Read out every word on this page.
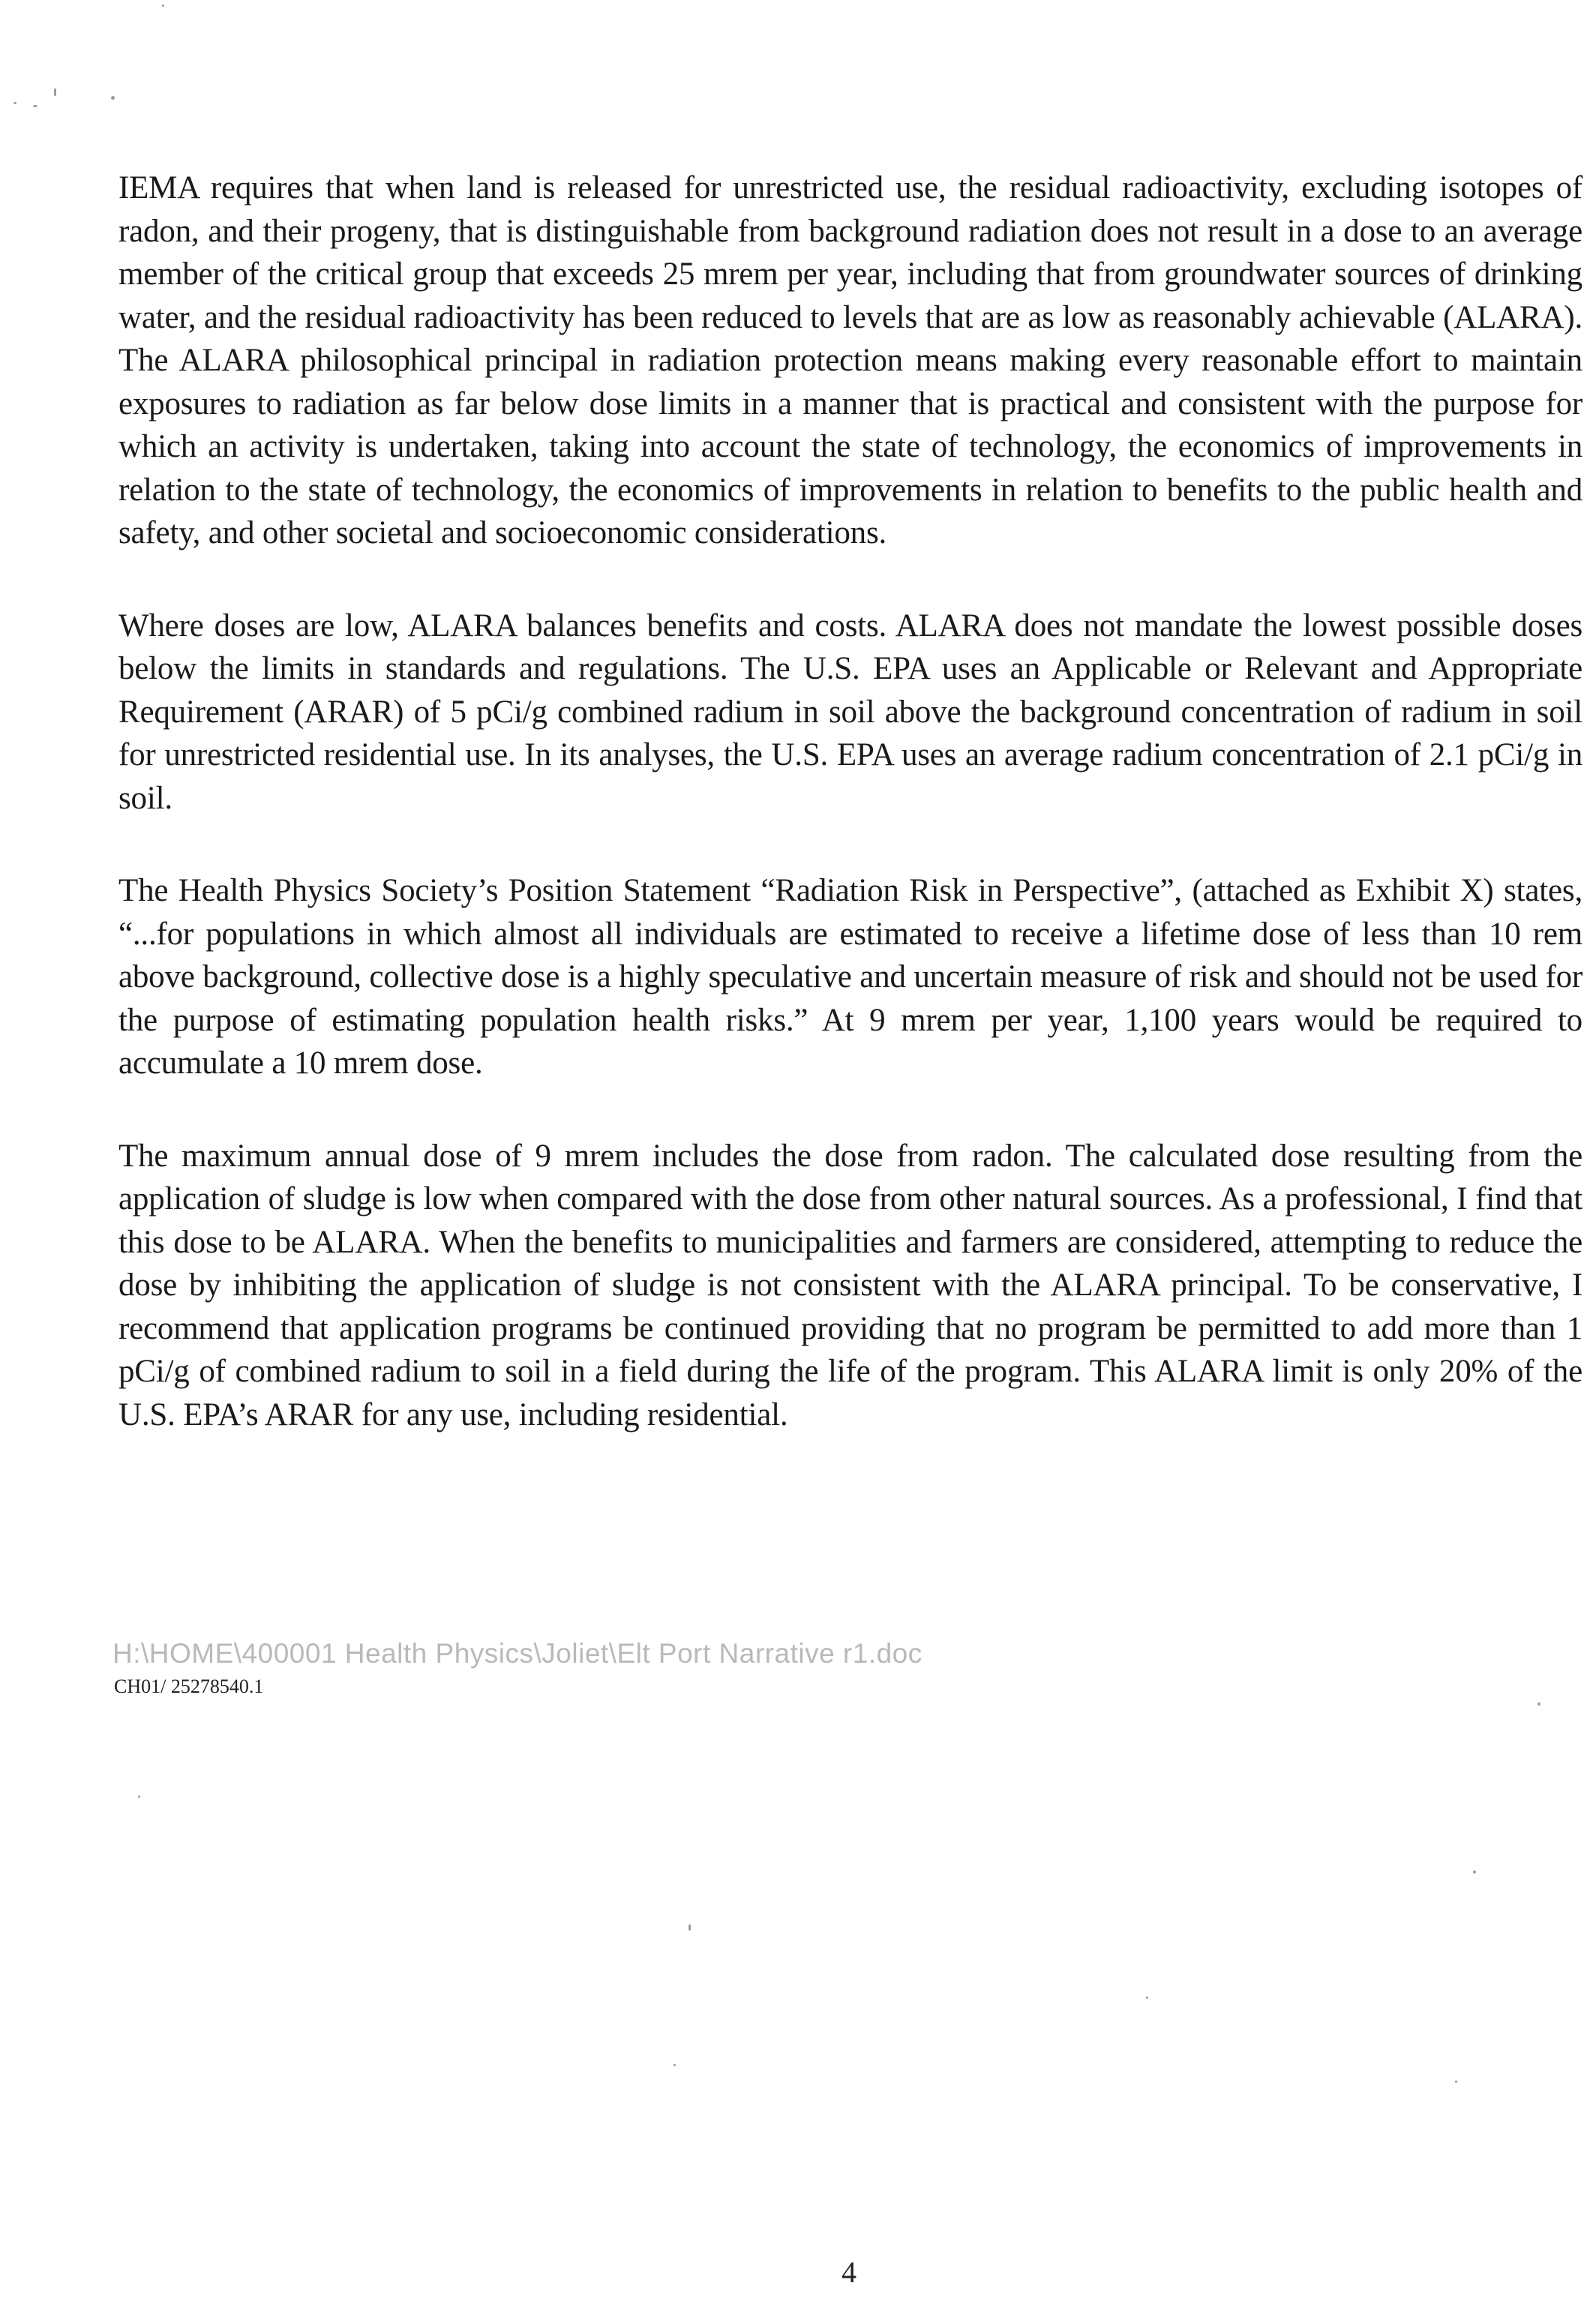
IEMA requires that when land is released for unrestricted use, the residual radioactivity, excluding isotopes of radon, and their progeny, that is distinguishable from background radiation does not result in a dose to an average member of the critical group that exceeds 25 mrem per year, including that from groundwater sources of drinking water, and the residual radioactivity has been reduced to levels that are as low as reasonably achievable (ALARA). The ALARA philosophical principal in radiation protection means making every reasonable effort to maintain exposures to radiation as far below dose limits in a manner that is practical and consistent with the purpose for which an activity is undertaken, taking into account the state of technology, the economics of improvements in relation to the state of technology, the economics of improvements in relation to benefits to the public health and safety, and other societal and socioeconomic considerations.

Where doses are low, ALARA balances benefits and costs. ALARA does not mandate the lowest possible doses below the limits in standards and regulations. The U.S. EPA uses an Applicable or Relevant and Appropriate Requirement (ARAR) of 5 pCi/g combined radium in soil above the background concentration of radium in soil for unrestricted residential use. In its analyses, the U.S. EPA uses an average radium concentration of 2.1 pCi/g in soil.

The Health Physics Society’s Position Statement “Radiation Risk in Perspective”, (attached as Exhibit X) states, “...for populations in which almost all individuals are estimated to receive a lifetime dose of less than 10 rem above background, collective dose is a highly speculative and uncertain measure of risk and should not be used for the purpose of estimating population health risks.” At 9 mrem per year, 1,100 years would be required to accumulate a 10 mrem dose.

The maximum annual dose of 9 mrem includes the dose from radon. The calculated dose resulting from the application of sludge is low when compared with the dose from other natural sources. As a professional, I find that this dose to be ALARA. When the benefits to municipalities and farmers are considered, attempting to reduce the dose by inhibiting the application of sludge is not consistent with the ALARA principal. To be conservative, I recommend that application programs be continued providing that no program be permitted to add more than 1 pCi/g of combined radium to soil in a field during the life of the program. This ALARA limit is only 20% of the U.S. EPA’s ARAR for any use, including residential.

H:\HOME\400001 Health Physics\Joliet\Elt Port Narrative r1.doc
CH01/ 25278540.1
4
